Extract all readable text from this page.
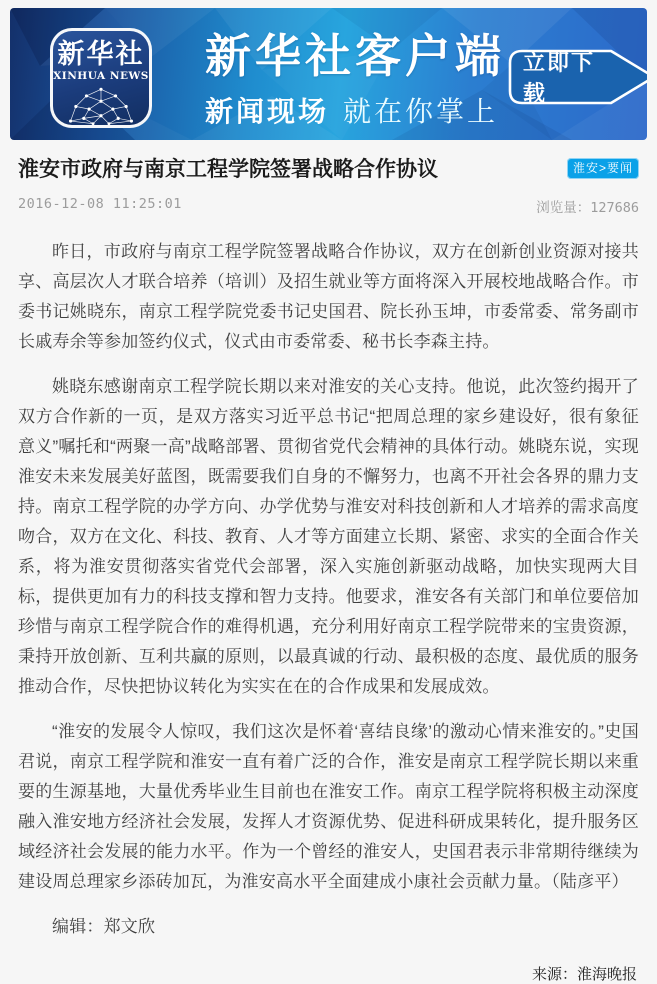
新华社
XINHUA NEWS 新华社客户端
新闻现场 就在你掌上
立即下载
淮安市政府与南京工程学院签署战略合作协议	淮安>要闻
2016-12-08 11:25:01	浏览量：127686

昨日，市政府与南京工程学院签署战略合作协议，双方在创新创业资源对接共享、高层次人才联合培养（培训）及招生就业等方面将深入开展校地战略合作。市委书记姚晓东，南京工程学院党委书记史国君、院长孙玉坤，市委常委、常务副市长戚寿余等参加签约仪式，仪式由市委常委、秘书长李森主持。

姚晓东感谢南京工程学院长期以来对淮安的关心支持。他说，此次签约揭开了双方合作新的一页，是双方落实习近平总书记“把周总理的家乡建设好，很有象征意义”嘱托和“两聚一高”战略部署、贯彻省党代会精神的具体行动。姚晓东说，实现淮安未来发展美好蓝图，既需要我们自身的不懈努力，也离不开社会各界的鼎力支持。南京工程学院的办学方向、办学优势与淮安对科技创新和人才培养的需求高度吻合，双方在文化、科技、教育、人才等方面建立长期、紧密、求实的全面合作关系，将为淮安贯彻落实省党代会部署，深入实施创新驱动战略，加快实现两大目标，提供更加有力的科技支撑和智力支持。他要求，淮安各有关部门和单位要倍加珍惜与南京工程学院合作的难得机遇，充分利用好南京工程学院带来的宝贵资源，秉持开放创新、互利共赢的原则，以最真诚的行动、最积极的态度、最优质的服务推动合作，尽快把协议转化为实实在在的合作成果和发展成效。

“淮安的发展令人惊叹，我们这次是怀着‘喜结良缘’的激动心情来淮安的。”史国君说，南京工程学院和淮安一直有着广泛的合作，淮安是南京工程学院长期以来重要的生源基地，大量优秀毕业生目前也在淮安工作。南京工程学院将积极主动深度融入淮安地方经济社会发展，发挥人才资源优势、促进科研成果转化，提升服务区域经济社会发展的能力水平。作为一个曾经的淮安人，史国君表示非常期待继续为建设周总理家乡添砖加瓦，为淮安高水平全面建成小康社会贡献力量。（陆彦平）

编辑：郑文欣

来源：淮海晚报
